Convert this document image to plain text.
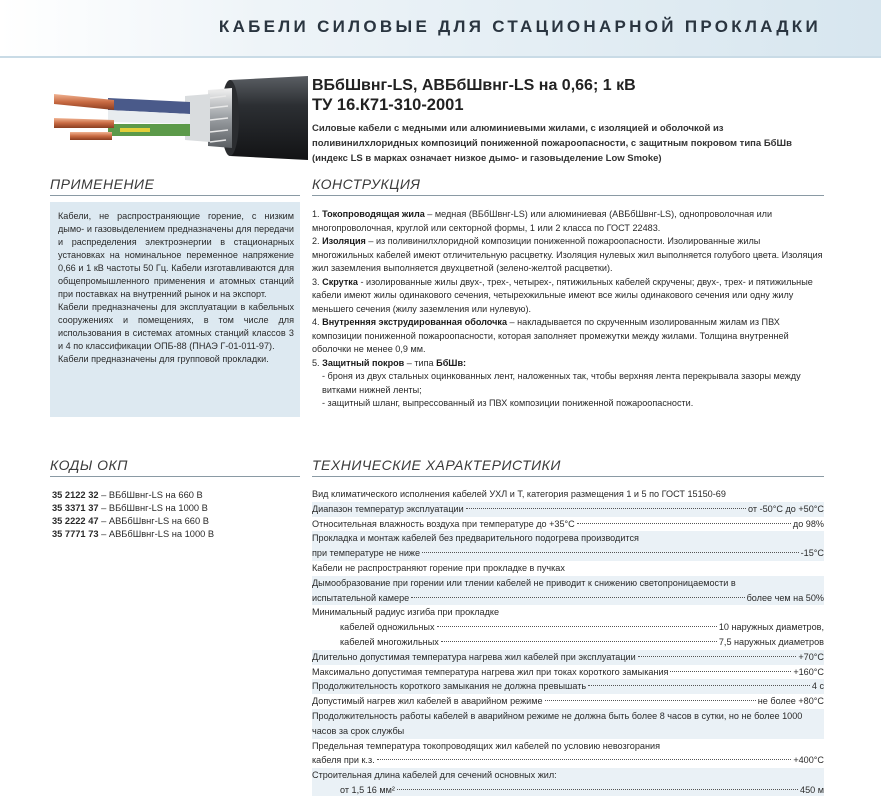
КАБЕЛИ СИЛОВЫЕ ДЛЯ СТАЦИОНАРНОЙ ПРОКЛАДКИ
ВБбШвнг-LS, АВБбШвнг-LS на 0,66; 1 кВ
ТУ 16.К71-310-2001
Силовые кабели с медными или алюминиевыми жилами, с изоляцией и оболочкой из поливинилхлоридных композиций пониженной пожароопасности, с защитным покровом типа БбШв (индекс LS в марках означает низкое дымо- и газовыделение Low Smoke)
ПРИМЕНЕНИЕ

Кабели, не распространяющие горение, с низким дымо- и газовыделением предназначены для передачи и распределения электроэнергии в стационарных установках на номинальное переменное напряжение 0,66 и 1 кВ частоты 50 Гц. Кабели изготавливаются для общепромышленного применения и атомных станций при поставках на внутренний рынок и на экспорт.

Кабели предназначены для эксплуатации в кабельных сооружениях и помещениях, в том числе для использования в системах атомных станций классов 3 и 4 по классификации ОПБ-88 (ПНАЭ Г-01-011-97).

Кабели предназначены для групповой прокладки.

КОНСТРУКЦИЯ
1. Токопроводящая жила – медная (ВБбШвнг-LS) или алюминиевая (АВБбШвнг-LS), однопроволочная или многопроволочная, круглой или секторной формы, 1 или 2 класса по ГОСТ 22483.
2. Изоляция – из поливинилхлоридной композиции пониженной пожароопасности. Изолированные жилы многожильных кабелей имеют отличительную расцветку. Изоляция нулевых жил выполняется голубого цвета. Изоляция жил заземления выполняется двухцветной (зелено-желтой расцветки).
3. Скрутка - изолированные жилы двух-, трех-, четырех-, пятижильных кабелей скручены; двух-, трех- и пятижильные кабели имеют жилы одинакового сечения, четырехжильные имеют все жилы одинакового сечения или одну жилу меньшего сечения (жилу заземления или нулевую).
4. Внутренняя экструдированная оболочка – накладывается по скрученным изолированным жилам из ПВХ композиции пониженной пожароопасности, которая заполняет промежутки между жилами. Толщина внутренней оболочки не менее 0,9 мм.
5. Защитный покров – типа БбШв:
- броня из двух стальных оцинкованных лент, наложенных так, чтобы верхняя лента перекрывала зазоры между витками нижней ленты;
- защитный шланг, выпрессованный из ПВХ композиции пониженной пожароопасности.
КОДЫ ОКП
35 2122 32 – ВБбШвнг-LS на 660 В
35 3371 37 – ВБбШвнг-LS на 1000 В
35 2222 47 – АВБбШвнг-LS на 660 В
35 7771 73 – АВБбШвнг-LS на 1000 В
ТЕХНИЧЕСКИЕ ХАРАКТЕРИСТИКИ
Вид климатического исполнения кабелей УХЛ и Т, категория размещения 1 и 5 по ГОСТ 15150-69
Диапазон температур эксплуатации	от -50°С до +50°С
Относительная влажность воздуха при температуре до +35°С	до 98%
Прокладка и монтаж кабелей без предварительного подогрева производится
при температуре не ниже	-15°С
Кабели не распространяют горение при прокладке в пучках
Дымообразование при горении или тлении кабелей не приводит к снижению светопроницаемости в
испытательной камере	более чем на 50%
Минимальный радиус изгиба при прокладке
кабелей одножильных	10 наружных диаметров,
кабелей многожильных	7,5 наружных диаметров
Длительно допустимая температура нагрева жил кабелей при эксплуатации	+70°С
Максимально допустимая температура нагрева жил при токах короткого замыкания	+160°С
Продолжительность короткого замыкания не должна превышать	4 с
Допустимый нагрев жил кабелей в аварийном режиме	не более +80°С
Продолжительность работы кабелей в аварийном режиме не должна быть более 8 часов в сутки, но не более 1000 часов за срок службы
Предельная температура токопроводящих жил кабелей по условию невозгорания
кабеля при к.з.	+400°С
Строительная длина кабелей для сечений основных жил:
от 1,5 16 мм²	450 м
